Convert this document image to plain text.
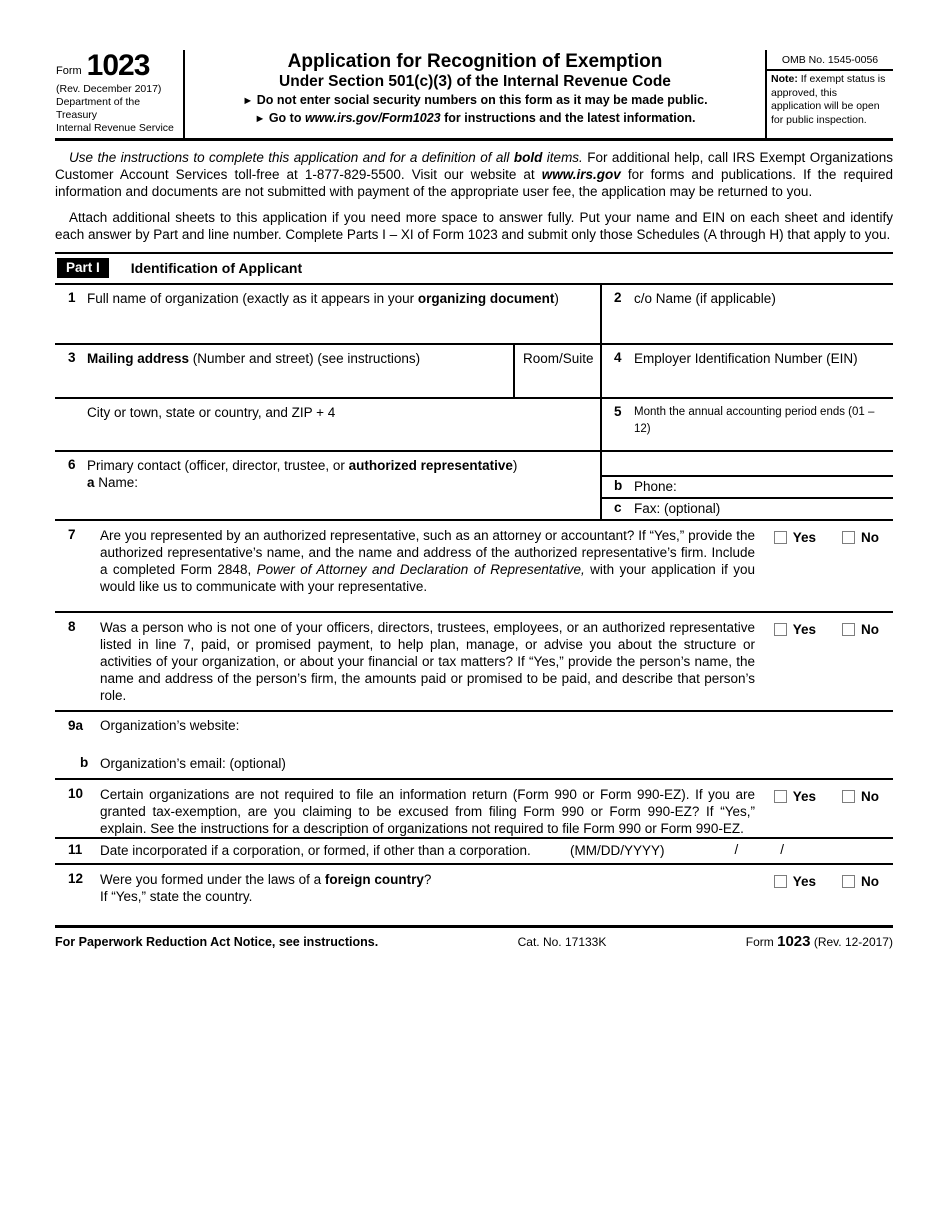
Form 1023
(Rev. December 2017)
Department of the Treasury
Internal Revenue Service
Application for Recognition of Exemption
Under Section 501(c)(3) of the Internal Revenue Code
► Do not enter social security numbers on this form as it may be made public.
► Go to www.irs.gov/Form1023 for instructions and the latest information.
OMB No. 1545-0056
Note: If exempt status is approved, this application will be open for public inspection.

Use the instructions to complete this application and for a definition of all bold items. For additional help, call IRS Exempt Organizations Customer Account Services toll-free at 1-877-829-5500. Visit our website at www.irs.gov for forms and publications. If the required information and documents are not submitted with payment of the appropriate user fee, the application may be returned to you.

Attach additional sheets to this application if you need more space to answer fully. Put your name and EIN on each sheet and identify each answer by Part and line number. Complete Parts I – XI of Form 1023 and submit only those Schedules (A through H) that apply to you.

Part I	Identification of Applicant
1 Full name of organization (exactly as it appears in your organizing document)	2 c/o Name (if applicable)
3 Mailing address (Number and street) (see instructions)	Room/Suite	4 Employer Identification Number (EIN)
City or town, state or country, and ZIP + 4	5	Month the annual accounting period ends (01 – 12)
6 Primary contact (officer, director, trustee, or authorized representative)
a Name:	b Phone:
c Fax: (optional)
7	Are you represented by an authorized representative, such as an attorney or accountant? If “Yes,” provide the authorized representative’s name, and the name and address of the authorized representative’s firm. Include a completed Form 2848, Power of Attorney and Declaration of Representative, with your application if you would like us to communicate with your representative.
Yes	No
8	Was a person who is not one of your officers, directors, trustees, employees, or an authorized representative listed in line 7, paid, or promised payment, to help plan, manage, or advise you about the structure or activities of your organization, or about your financial or tax matters? If “Yes,” provide the person’s name, the name and address of the person’s firm, the amounts paid or promised to be paid, and describe that person’s role.
Yes	No
9a	Organization’s website:
b Organization’s email: (optional)
10	Certain organizations are not required to file an information return (Form 990 or Form 990-EZ). If you are granted tax-exemption, are you claiming to be excused from filing Form 990 or Form 990-EZ? If “Yes,” explain. See the instructions for a description of organizations not required to file Form 990 or Form 990-EZ.
Yes	No
11	Date incorporated if a corporation, or formed, if other than a corporation.	(MM/DD/YYYY)	/	/
12	Were you formed under the laws of a foreign country?
If “Yes,” state the country.
Yes	No
For Paperwork Reduction Act Notice, see instructions.	Cat. No. 17133K	Form 1023 (Rev. 12-2017)
